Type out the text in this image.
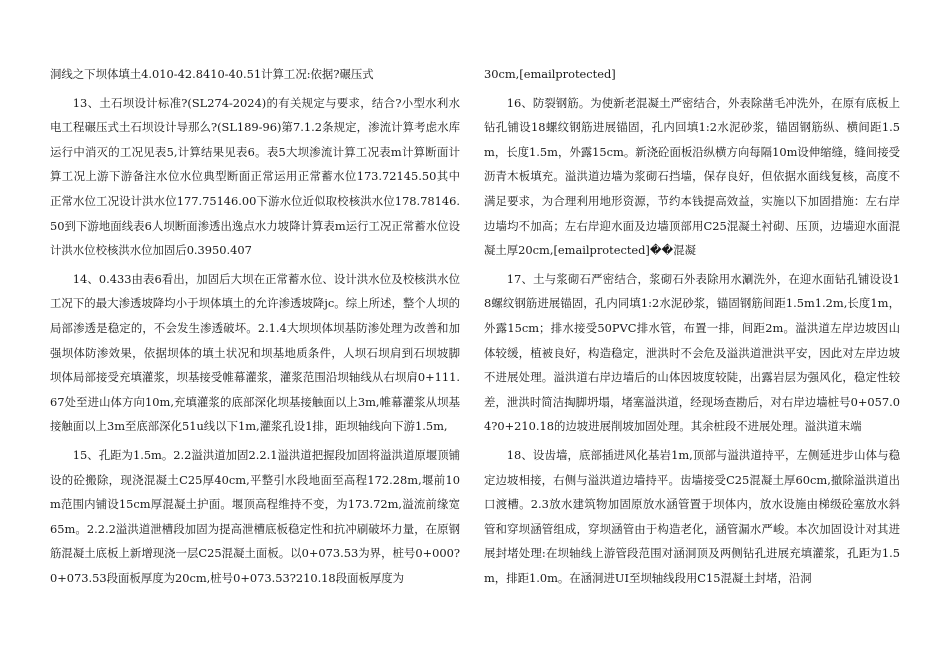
洞线之下坝体填土4.010-42.8410-40.51计算工况:依据?碾压式

13、土石坝设计标准?(SL274-2024)的有关规定与要求，结合?小型水利水电工程碾压式土石坝设计导那么?(SL189-96)第7.1.2条规定，渗流计算考虑水库运行中消灭的工况见表5,计算结果见表6。表5大坝渗流计算工况表m计算断面计算工况上游下游备注水位水位典型断面正常运用正常蓄水位173.72145.50其中正常水位工况设计洪水位177.75146.00下游水位近似取校核洪水位178.78146.50到下游地面线表6人坝断面渗透出逸点水力坡降计算表m运行工况正常蓄水位设计洪水位校核洪水位加固后0.3950.407

14、0.433由表6看出，加固后大坝在正常蓄水位、设计洪水位及校核洪水位工况下的最大渗透坡降均小于坝体填土的允许渗透坡降jc。综上所述，整个人坝的局部渗透是稳定的，不会发生渗透破坏。2.1.4大坝坝体坝基防渗处理为改善和加强坝体防渗效果，依据坝体的填土状况和坝基地质条件，人坝石坝肩到石坝坡脚坝体局部接受充填灌浆，坝基接受帷幕灌浆，灌浆范围沿坝轴线从右坝肩0+111.67处至进山体方向10m,充填灌浆的底部深化坝基接触面以上3m,帷幕灌浆从坝基接触面以上3m至底部深化51u线以下1m,灌浆孔设1排，距坝轴线向下游1.5m,

15、孔距为1.5m。2.2溢洪道加固2.2.1溢洪道把握段加固将溢洪道原堰顶铺设的砼搬除，现浇混凝土C25厚40cm,平整引水段地面至高程172.28m,堰前10m范围内铺设15cm厚混凝土护面。堰顶高程维持不变，为173.72m,溢流前缘宽65m。2.2.2溢洪道泄槽段加固为提高泄槽底板稳定性和抗冲刷破坏力量，在原钢筋混凝土底板上新增现浇一层C25混凝土面板。以0+073.53为界，桩号0+000?0+073.53段面板厚度为20cm,桩号0+073.53?210.18段面板厚度为

30cm,[emailprotected]

16、防裂钢筋。为使新老混凝土严密结合，外表除凿毛冲洗外，在原有底板上钻孔铺设18螺纹钢筋进展锚固，孔内回填1:2水泥砂浆，锚固钢筋纵、横间距1.5m，长度1.5m，外露15cm。新浇砼面板沿纵横方向每隔10m设伸缩缝，缝间接受沥青木板填充。溢洪道边墙为浆砌石挡墙，保存良好，但依据水面线复核，高度不满足要求，为合理利用地形资源，节约本钱提高效益，实施以下加固措施：左右岸边墙均不加高；左右岸迎水面及边墙顶部用C25混凝土衬砌、压顶，边墙迎水面混凝土厚20cm,[emailprotected]��混凝

17、土与浆砌石严密结合，浆砌石外表除用水涮洗外，在迎水面钻孔铺设设18螺纹钢筋进展锚固，孔内同填1:2水泥砂浆，锚固钢筋间距1.5m1.2m,长度1m，外露15cm；排水接受50PVC排水管，布置一排，间距2m。溢洪道左岸边坡因山体较缓，植被良好，构造稳定，泄洪时不会危及溢洪道泄洪平安，因此对左岸边坡不进展处理。溢洪道右岸边墙后的山体因坡度较陡，出露岩层为强风化，稳定性较差，泄洪时简洁掏脚坍塌，堵塞溢洪道，经现场查勘后，对右岸边墙桩号0+057.04?0+210.18的边坡进展削坡加固处理。其余桩段不进展处理。溢洪道末端

18、设齿墙，底部插进风化基岩1m,顶部与溢洪道持平，左侧延进步山体与稳定边坡相接，右侧与溢洪道边墙持平。齿墙接受C25混凝土厚60cm,撤除溢洪道出口渡槽。2.3放水建筑物加固原放水涵管置于坝体内，放水设施由梯级砼塞放水斜管和穿坝涵管组成，穿坝涵管由于构造老化，涵管漏水严峻。本次加固设计对其进展封堵处理:在坝轴线上游管段范围对涵洞顶及两侧钻孔进展充填灌浆，孔距为1.5m，排距1.0m。在涵洞进UI至坝轴线段用C15混凝土封堵，沿洞
